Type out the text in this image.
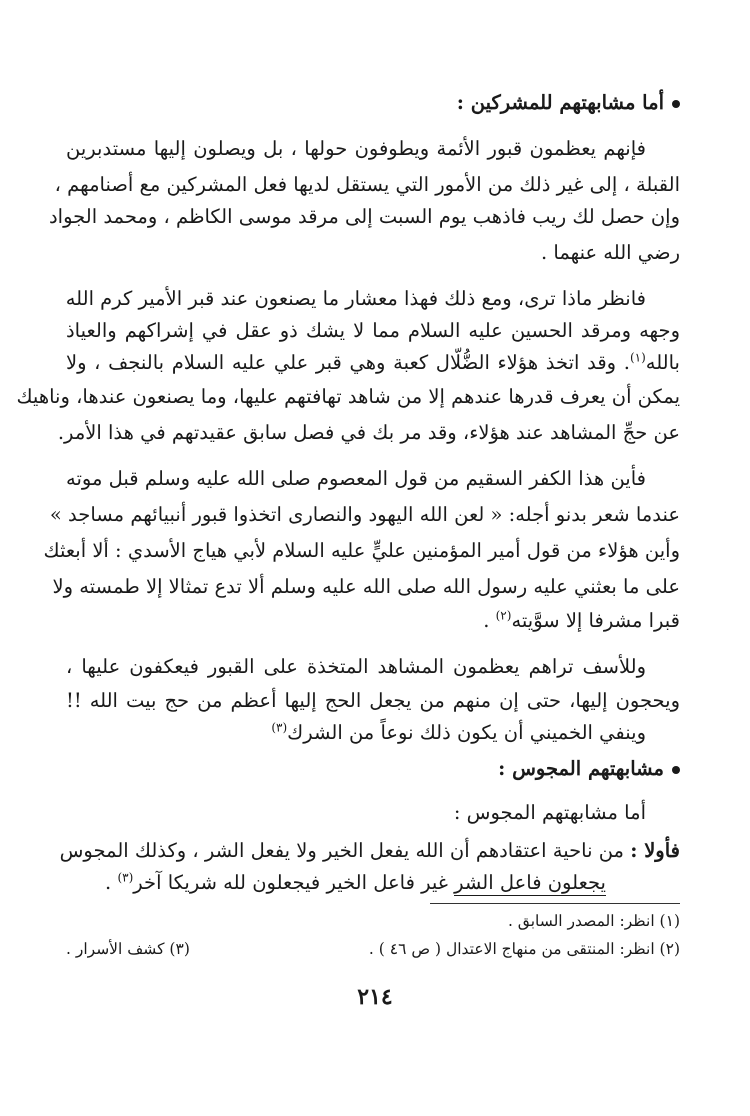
أما مشابهتهم للمشركين :
فإنهم يعظمون قبور الأئمة ويطوفون حولها ، بل ويصلون إليها مستدبرين
القبلة ، إلى غير ذلك من الأمور التي يستقل لديها فعل المشركين مع أصنامهم ،
وإن حصل لك ريب فاذهب يوم السبت إلى مرقد موسى الكاظم ، ومحمد الجواد
رضي الله عنهما .
فانظر ماذا ترى، ومع ذلك فهذا معشار ما يصنعون عند قبر الأمير كرم الله
وجهه ومرقد الحسين عليه السلام مما لا يشك ذو عقل في إشراكهم والعياذ
بالله$^{(١)}$. وقد اتخذ هؤلاء الضُّلّال كعبة وهي قبر علي عليه السلام بالنجف ، ولا
يمكن أن يعرف قدرها عندهم إلا من شاهد تهافتهم عليها، وما يصنعون عندها، وناهيك
عن حجِّ المشاهد عند هؤلاء، وقد مر بك في فصل سابق عقيدتهم في هذا الأمر.
فأين هذا الكفر السقيم من قول المعصوم صلى الله عليه وسلم قبل موته
عندما شعر بدنو أجله: « لعن الله اليهود والنصارى اتخذوا قبور أنبيائهم مساجد »
وأين هؤلاء من قول أمير المؤمنين عليٍّ عليه السلام لأبي هياج الأسدي : ألا أبعثك
على ما بعثني عليه رسول الله صلى الله عليه وسلم ألا تدع تمثالا إلا طمسته ولا
قبرا مشرفا إلا سوَّيته$^{(٢)}$ .
وللأسف تراهم يعظمون المشاهد المتخذة على القبور فيعكفون عليها ،
ويحجون إليها، حتى إن منهم من يجعل الحج إليها أعظم من حج بيت الله !!
وينفي الخميني أن يكون ذلك نوعاً من الشرك$^{(٣)}$
مشابهتهم المجوس :
أما مشابهتهم المجوس :
فأولا : من ناحية اعتقادهم أن الله يفعل الخير ولا يفعل الشر ، وكذلك المجوس
يجعلون فاعل الشر غير فاعل الخير فيجعلون لله شريكا آخر$^{(٣)}$ .
(١) انظر: المصدر السابق .
(٢) انظر: المنتقى من منهاج الاعتدال ( ص ٤٦ ) .
(٣) كشف الأسرار .
٢١٤
